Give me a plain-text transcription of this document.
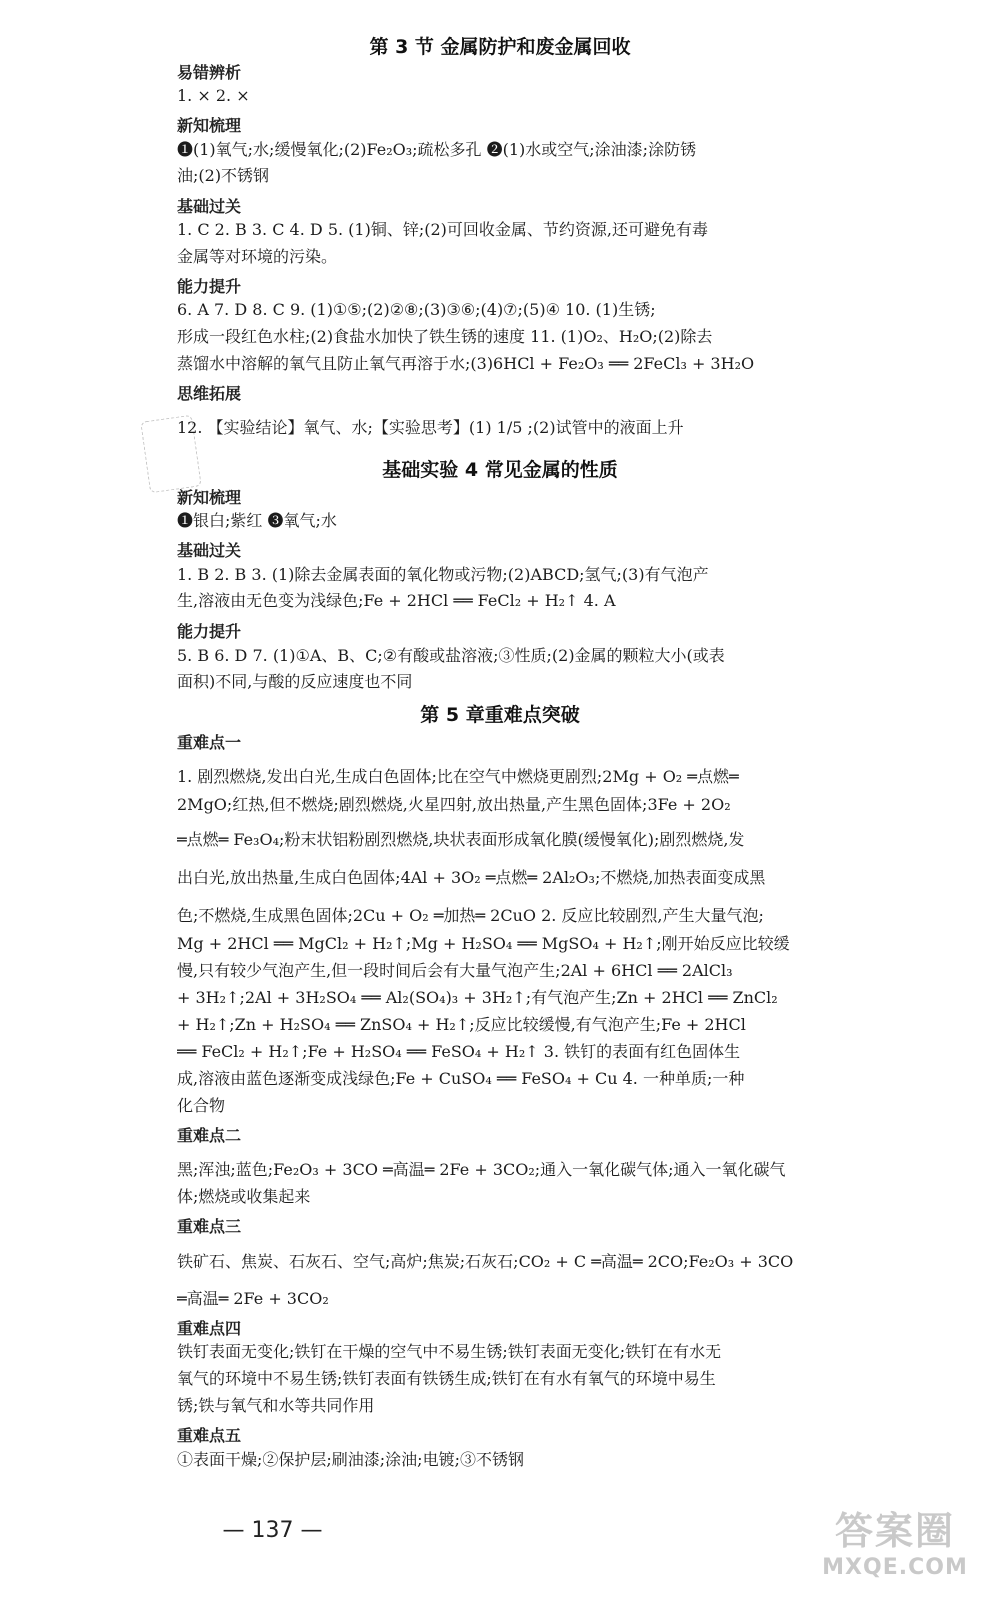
第 3 节 金属防护和废金属回收
易错辨析
1. × 2. ×
新知梳理
❶(1)氧气;水;缓慢氧化;(2)Fe₂O₃;疏松多孔 ❷(1)水或空气;涂油漆;涂防锈
油;(2)不锈钢
基础过关
1. C 2. B 3. C 4. D 5. (1)铜、锌;(2)可回收金属、节约资源,还可避免有毒
金属等对环境的污染。
能力提升
6. A 7. D 8. C 9. (1)①⑤;(2)②⑧;(3)③⑥;(4)⑦;(5)④ 10. (1)生锈;
形成一段红色水柱;(2)食盐水加快了铁生锈的速度 11. (1)O₂、H₂O;(2)除去
蒸馏水中溶解的氧气且防止氧气再溶于水;(3)6HCl + Fe₂O₃ ══ 2FeCl₃ + 3H₂O
思维拓展
12. 【实验结论】氧气、水;【实验思考】(1) 1/5 ;(2)试管中的液面上升
基础实验 4 常见金属的性质
新知梳理
❶银白;紫红 ❸氧气;水
基础过关
1. B 2. B 3. (1)除去金属表面的氧化物或污物;(2)ABCD;氢气;(3)有气泡产
生,溶液由无色变为浅绿色;Fe + 2HCl ══ FeCl₂ + H₂↑ 4. A
能力提升
5. B 6. D 7. (1)①A、B、C;②有酸或盐溶液;③性质;(2)金属的颗粒大小(或表
面积)不同,与酸的反应速度也不同
第 5 章重难点突破
重难点一
1. 剧烈燃烧,发出白光,生成白色固体;比在空气中燃烧更剧烈;2Mg + O₂ ═点燃═
2MgO;红热,但不燃烧;剧烈燃烧,火星四射,放出热量,产生黑色固体;3Fe + 2O₂
═点燃═ Fe₃O₄;粉末状铝粉剧烈燃烧,块状表面形成氧化膜(缓慢氧化);剧烈燃烧,发
出白光,放出热量,生成白色固体;4Al + 3O₂ ═点燃═ 2Al₂O₃;不燃烧,加热表面变成黑
色;不燃烧,生成黑色固体;2Cu + O₂ ═加热═ 2CuO 2. 反应比较剧烈,产生大量气泡;
Mg + 2HCl ══ MgCl₂ + H₂↑;Mg + H₂SO₄ ══ MgSO₄ + H₂↑;刚开始反应比较缓
慢,只有较少气泡产生,但一段时间后会有大量气泡产生;2Al + 6HCl ══ 2AlCl₃
+ 3H₂↑;2Al + 3H₂SO₄ ══ Al₂(SO₄)₃ + 3H₂↑;有气泡产生;Zn + 2HCl ══ ZnCl₂
+ H₂↑;Zn + H₂SO₄ ══ ZnSO₄ + H₂↑;反应比较缓慢,有气泡产生;Fe + 2HCl
══ FeCl₂ + H₂↑;Fe + H₂SO₄ ══ FeSO₄ + H₂↑ 3. 铁钉的表面有红色固体生
成,溶液由蓝色逐渐变成浅绿色;Fe + CuSO₄ ══ FeSO₄ + Cu 4. 一种单质;一种
化合物
重难点二
黑;浑浊;蓝色;Fe₂O₃ + 3CO ═高温═ 2Fe + 3CO₂;通入一氧化碳气体;通入一氧化碳气
体;燃烧或收集起来
重难点三
铁矿石、焦炭、石灰石、空气;高炉;焦炭;石灰石;CO₂ + C ═高温═ 2CO;Fe₂O₃ + 3CO
═高温═ 2Fe + 3CO₂
重难点四
铁钉表面无变化;铁钉在干燥的空气中不易生锈;铁钉表面无变化;铁钉在有水无
氧气的环境中不易生锈;铁钉表面有铁锈生成;铁钉在有水有氧气的环境中易生
锈;铁与氧气和水等共同作用
重难点五
①表面干燥;②保护层;刷油漆;涂油;电镀;③不锈钢
— 137 —	答案圈
MXQE.COM
